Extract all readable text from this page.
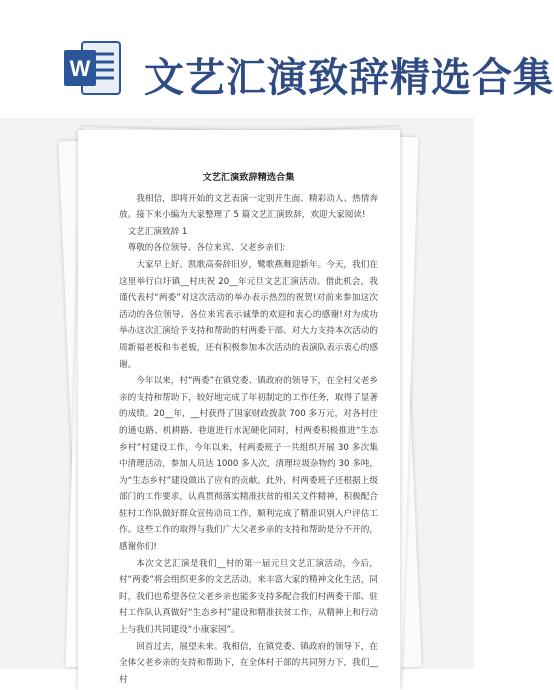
W 文艺汇演致辞精选合集
文艺汇演致辞精选合集

我相信，即将开始的文艺表演一定别开生面、精彩动人、热情奔放。接下来小编为大家整理了 5 篇文艺汇演致辞，欢迎大家阅读!

文艺汇演致辞 1

尊敬的各位领导、各位来宾、父老乡亲们:

大家早上好。凯歌高奏辞旧岁，鹭歌燕舞迎新年。今天，我们在这里举行白圩镇__村庆祝 20__年元旦文艺汇演活动。借此机会，我谨代表村“两委”对这次活动的举办表示热烈的祝贺!对前来参加这次活动的各位领导、各位来宾表示诚挚的欢迎和衷心的感谢!对为成功举办这次汇演给予支持和帮助的村两委干部、对大力支持本次活动的周新福老板和韦老板，还有积极参加本次活动的表演队表示衷心的感谢。

今年以来，村“两委”在镇党委、镇政府的领导下，在全村父老乡亲的支持和帮助下，较好地完成了年初制定的工作任务，取得了显著的成绩。20__年，__村获得了国家财政拨款 700 多万元，对各村庄的通屯路、机耕路、巷道进行水泥硬化同时，村两委积极推进“生态乡村”村建设工作，今年以来，村两委班子一共组织开展 30 多次集中清理活动，参加人员达 1000 多人次，清理垃圾杂物约 30 多吨，为“生态乡村”建设做出了应有的贡献。此外，村两委班子还根据上级部门的工作要求，认真贯彻落实精准扶贫的相关文件精神，积极配合驻村工作队做好群众宣传动员工作，顺利完成了精准识别入户评估工作。这些工作的取得与我们广大父老乡亲的支持和帮助是分不开的，感谢你们!

本次文艺汇演是我们__村的第一届元旦文艺汇演活动，今后，村“两委”将会组织更多的文艺活动，来丰富大家的精神文化生活，同时，我们也希望各位父老乡亲也能多支持多配合我们村两委干部、驻村工作队认真做好“生态乡村”建设和精准扶贫工作，从精神上和行动上与我们共同建设“小康家园”。

回首过去，展望未来。我相信，在镇党委、镇政府的领导下，在全体父老乡亲的支持和帮助下，在全体村干部的共同努力下，我们__村
